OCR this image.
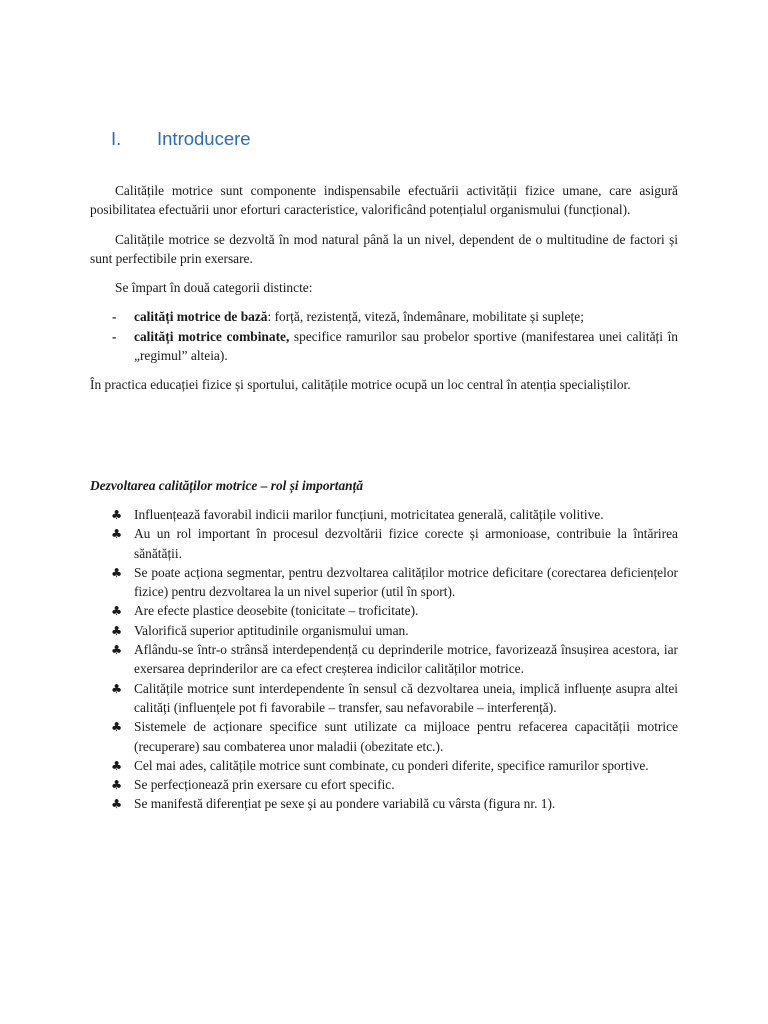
I.	Introducere

Calitățile motrice sunt componente indispensabile efectuării activității fizice umane, care asigură posibilitatea efectuării unor eforturi caracteristice, valorificând potențialul organismului (funcțional).

Calitățile motrice se dezvoltă în mod natural până la un nivel, dependent de o multitudine de factori și sunt perfectibile prin exersare.

Se împart în două categorii distincte:

- calități motrice de bază: forță, rezistență, viteză, îndemânare, mobilitate și suplețe;
- calități motrice combinate, specifice ramurilor sau probelor sportive (manifestarea unei calități în „regimul” alteia).

În practica educației fizice și sportului, calitățile motrice ocupă un loc central în atenția specialiștilor.

Dezvoltarea calităților motrice – rol și importanță
♣ Influențează favorabil indicii marilor funcțiuni, motricitatea generală, calitățile volitive.
♣ Au un rol important în procesul dezvoltării fizice corecte și armonioase, contribuie la întărirea sănătății.
♣ Se poate acționa segmentar, pentru dezvoltarea calităților motrice deficitare (corectarea deficiențelor fizice) pentru dezvoltarea la un nivel superior (util în sport).
♣ Are efecte plastice deosebite (tonicitate – troficitate).
♣ Valorifică superior aptitudinile organismului uman.
♣ Aflându-se într-o strânsă interdependență cu deprinderile motrice, favorizează însușirea acestora, iar exersarea deprinderilor are ca efect creșterea indicilor calităților motrice.
♣ Calitățile motrice sunt interdependente în sensul că dezvoltarea uneia, implică influențe asupra altei calități (influențele pot fi favorabile – transfer, sau nefavorabile – interferență).
♣ Sistemele de acționare specifice sunt utilizate ca mijloace pentru refacerea capacității motrice (recuperare) sau combaterea unor maladii (obezitate etc.).
♣ Cel mai ades, calitățile motrice sunt combinate, cu ponderi diferite, specifice ramurilor sportive.
♣ Se perfecționează prin exersare cu efort specific.
♣ Se manifestă diferențiat pe sexe și au pondere variabilă cu vârsta (figura nr. 1).
